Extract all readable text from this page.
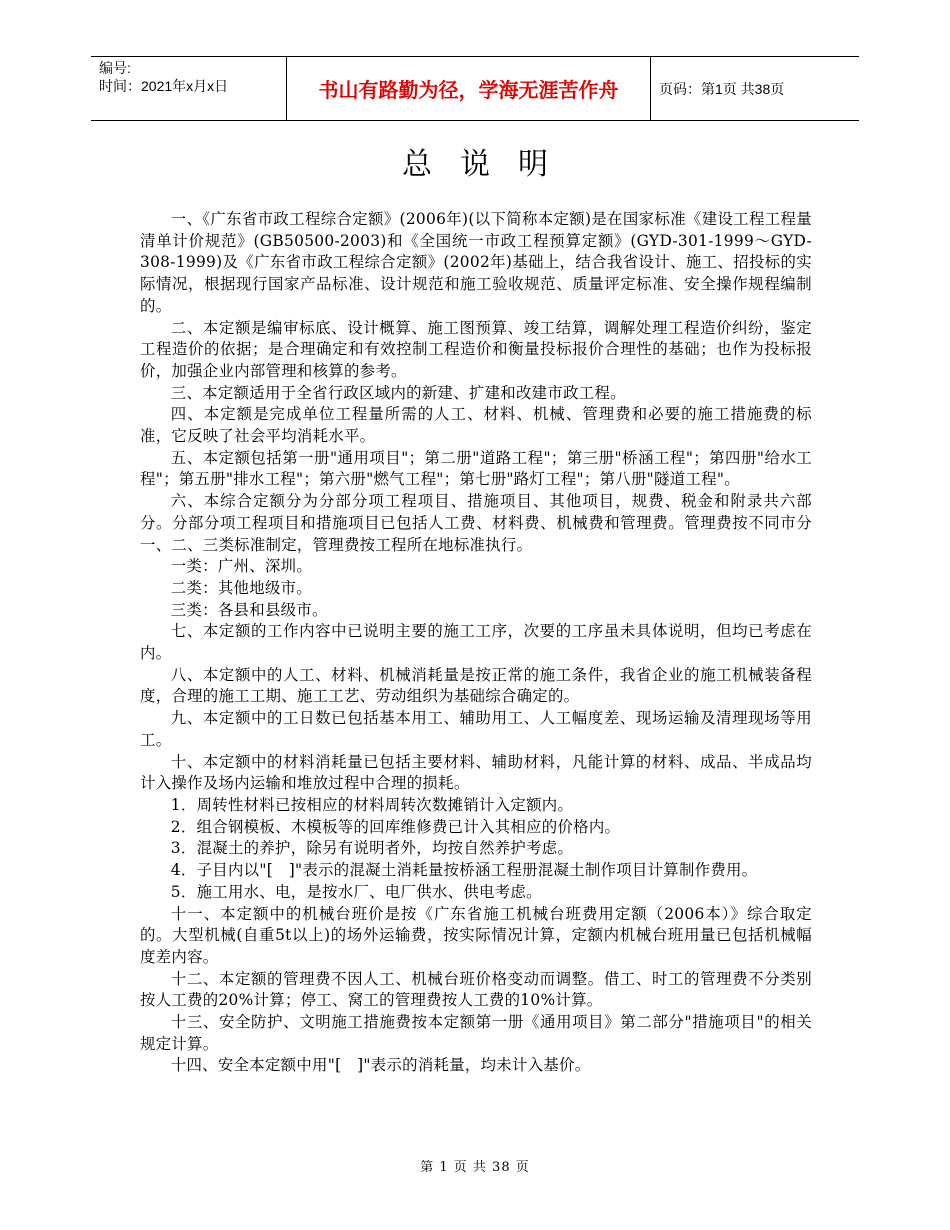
编号:
时间：2021年x月x日	书山有路勤为径，学海无涯苦作舟	页码：第1页 共38页
总说明

一、《广东省市政工程综合定额》(2006年)(以下简称本定额)是在国家标准《建设工程工程量清单计价规范》(GB50500-2003)和《全国统一市政工程预算定额》(GYD-301-1999～GYD-308-1999)及《广东省市政工程综合定额》(2002年)基础上，结合我省设计、施工、招投标的实际情况，根据现行国家产品标准、设计规范和施工验收规范、质量评定标准、安全操作规程编制的。

二、本定额是编审标底、设计概算、施工图预算、竣工结算，调解处理工程造价纠纷，鉴定工程造价的依据；是合理确定和有效控制工程造价和衡量投标报价合理性的基础；也作为投标报价，加强企业内部管理和核算的参考。

三、本定额适用于全省行政区域内的新建、扩建和改建市政工程。

四、本定额是完成单位工程量所需的人工、材料、机械、管理费和必要的施工措施费的标准，它反映了社会平均消耗水平。

五、本定额包括第一册"通用项目"；第二册"道路工程"；第三册"桥涵工程"；第四册"给水工程"；第五册"排水工程"；第六册"燃气工程"；第七册"路灯工程"；第八册"隧道工程"。

六、本综合定额分为分部分项工程项目、措施项目、其他项目，规费、税金和附录共六部分。分部分项工程项目和措施项目已包括人工费、材料费、机械费和管理费。管理费按不同市分一、二、三类标准制定，管理费按工程所在地标准执行。

一类：广州、深圳。

二类：其他地级市。

三类：各县和县级市。

七、本定额的工作内容中已说明主要的施工工序，次要的工序虽未具体说明，但均已考虑在内。

八、本定额中的人工、材料、机械消耗量是按正常的施工条件，我省企业的施工机械装备程度，合理的施工工期、施工工艺、劳动组织为基础综合确定的。

九、本定额中的工日数已包括基本用工、辅助用工、人工幅度差、现场运输及清理现场等用工。

十、本定额中的材料消耗量已包括主要材料、辅助材料，凡能计算的材料、成品、半成品均计入操作及场内运输和堆放过程中合理的损耗。

1．周转性材料已按相应的材料周转次数摊销计入定额内。

2．组合钢模板、木模板等的回库维修费已计入其相应的价格内。

3．混凝土的养护，除另有说明者外，均按自然养护考虑。

4．子目内以"[　]"表示的混凝土消耗量按桥涵工程册混凝土制作项目计算制作费用。

5．施工用水、电，是按水厂、电厂供水、供电考虑。

十一、本定额中的机械台班价是按《广东省施工机械台班费用定额（2006本）》综合取定的。大型机械(自重5t以上)的场外运输费，按实际情况计算，定额内机械台班用量已包括机械幅度差内容。

十二、本定额的管理费不因人工、机械台班价格变动而调整。借工、时工的管理费不分类别按人工费的20%计算；停工、窝工的管理费按人工费的10%计算。

十三、安全防护、文明施工措施费按本定额第一册《通用项目》第二部分"措施项目"的相关规定计算。

十四、安全本定额中用"[　]"表示的消耗量，均未计入基价。

第 1 页 共 38 页
